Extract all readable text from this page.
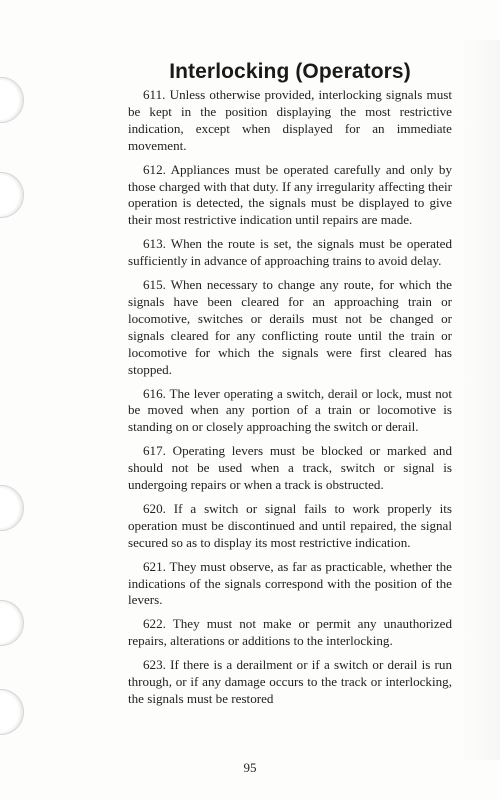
Interlocking (Operators)

611. Unless otherwise provided, interlocking signals must be kept in the position displaying the most restrictive indication, except when displayed for an immediate movement.

612. Appliances must be operated carefully and only by those charged with that duty. If any irregularity affecting their operation is detected, the signals must be displayed to give their most restrictive indication until repairs are made.

613. When the route is set, the signals must be operated sufficiently in advance of approaching trains to avoid delay.

615. When necessary to change any route, for which the signals have been cleared for an approaching train or locomotive, switches or derails must not be changed or signals cleared for any conflicting route until the train or locomotive for which the signals were first cleared has stopped.

616. The lever operating a switch, derail or lock, must not be moved when any portion of a train or locomotive is standing on or closely approaching the switch or derail.

617. Operating levers must be blocked or marked and should not be used when a track, switch or signal is undergoing repairs or when a track is obstructed.

620. If a switch or signal fails to work properly its operation must be discontinued and until repaired, the signal secured so as to display its most restrictive indication.

621. They must observe, as far as practicable, whether the indications of the signals correspond with the position of the levers.

622. They must not make or permit any unauthorized repairs, alterations or additions to the interlocking.

623. If there is a derailment or if a switch or derail is run through, or if any damage occurs to the track or interlocking, the signals must be restored

95
